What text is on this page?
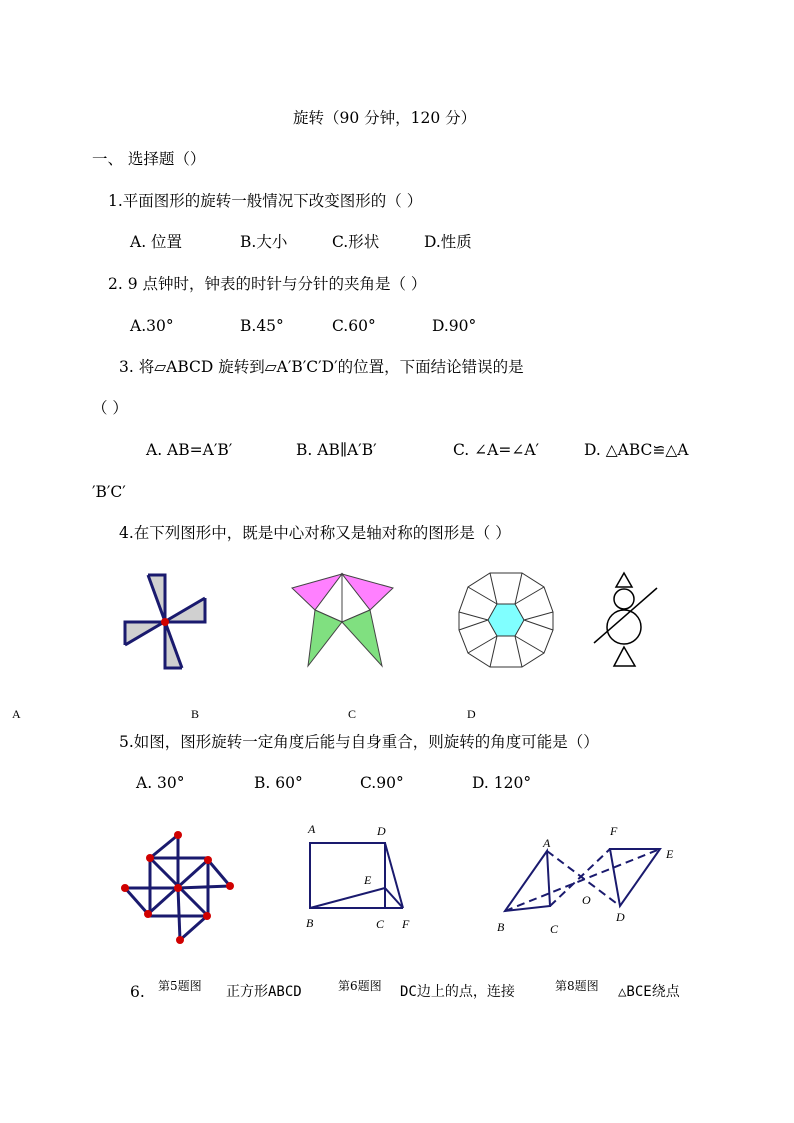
旋转（90 分钟，120 分）
一、 选择题（）
1.平面图形的旋转一般情况下改变图形的（ ）
A. 位置	B.大小	C.形状	D.性质
2. 9 点钟时，钟表的时针与分针的夹角是（ ）
A.30°	B.45°	C.60°	D.90°
3. 将▱ABCD 旋转到▱A′B′C′D′的位置，下面结论错误的是
（ ）
A. AB=A′B′	B. AB∥A′B′	C. ∠A=∠A′	D. △ABC≌△A
′B′C′
4.在下列图形中，既是中心对称又是轴对称的图形是（ ）
A	B	C	D
5.如图，图形旋转一定角度后能与自身重合，则旋转的角度可能是（）
A. 30°	B. 60°	C.90°	D. 120°
A	D
E
B	C F
A
F
E
O
B	C
D
6.	正方形ABCD	DC边上的点，连接	△BCE绕点
第5题图	第6题图	第8题图
